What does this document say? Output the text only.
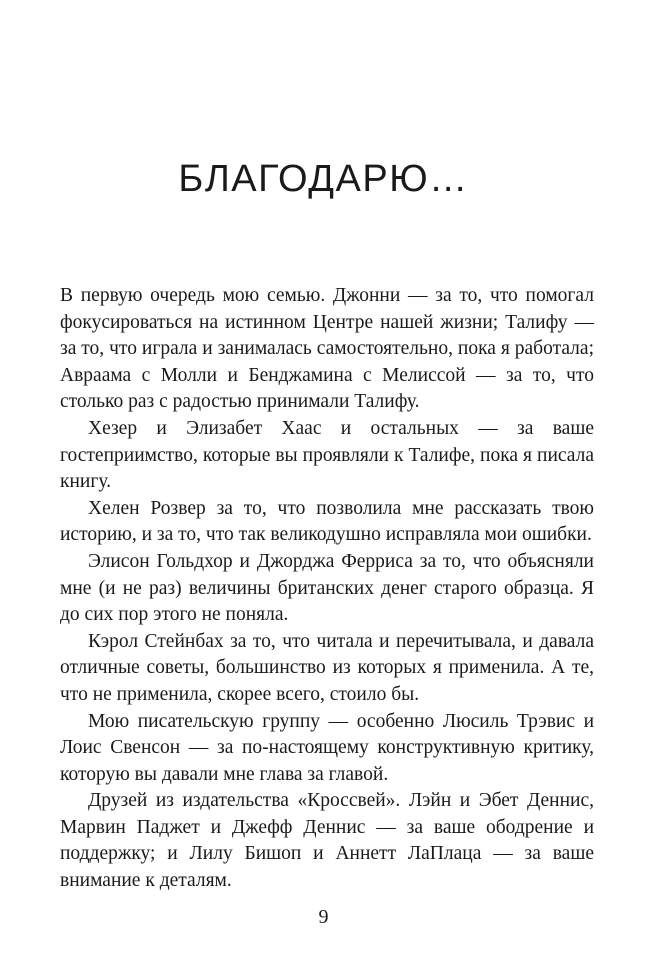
БЛАГОДАРЮ…

В первую очередь мою семью. Джонни — за то, что помогал фокусироваться на истинном Центре нашей жизни; Талифу — за то, что играла и занималась самостоятельно, пока я работала; Авраама с Молли и Бенджамина с Мелиссой — за то, что столько раз с радостью принимали Талифу.

Хезер и Элизабет Хаас и остальных — за ваше гостеприимство, которые вы проявляли к Талифе, пока я писала книгу.

Хелен Розвер за то, что позволила мне рассказать твою историю, и за то, что так великодушно исправляла мои ошибки.

Элисон Гольдхор и Джорджа Ферриса за то, что объясняли мне (и не раз) величины британских денег старого образца. Я до сих пор этого не поняла.

Кэрол Стейнбах за то, что читала и перечитывала, и давала отличные советы, большинство из которых я применила. А те, что не применила, скорее всего, стоило бы.

Мою писательскую группу — особенно Люсиль Трэвис и Лоис Свенсон — за по-настоящему конструктивную критику, которую вы давали мне глава за главой.

Друзей из издательства «Кроссвей». Лэйн и Эбет Деннис, Марвин Паджет и Джефф Деннис — за ваше ободрение и поддержку; и Лилу Бишоп и Аннетт ЛаПлаца — за ваше внимание к деталям.

9
